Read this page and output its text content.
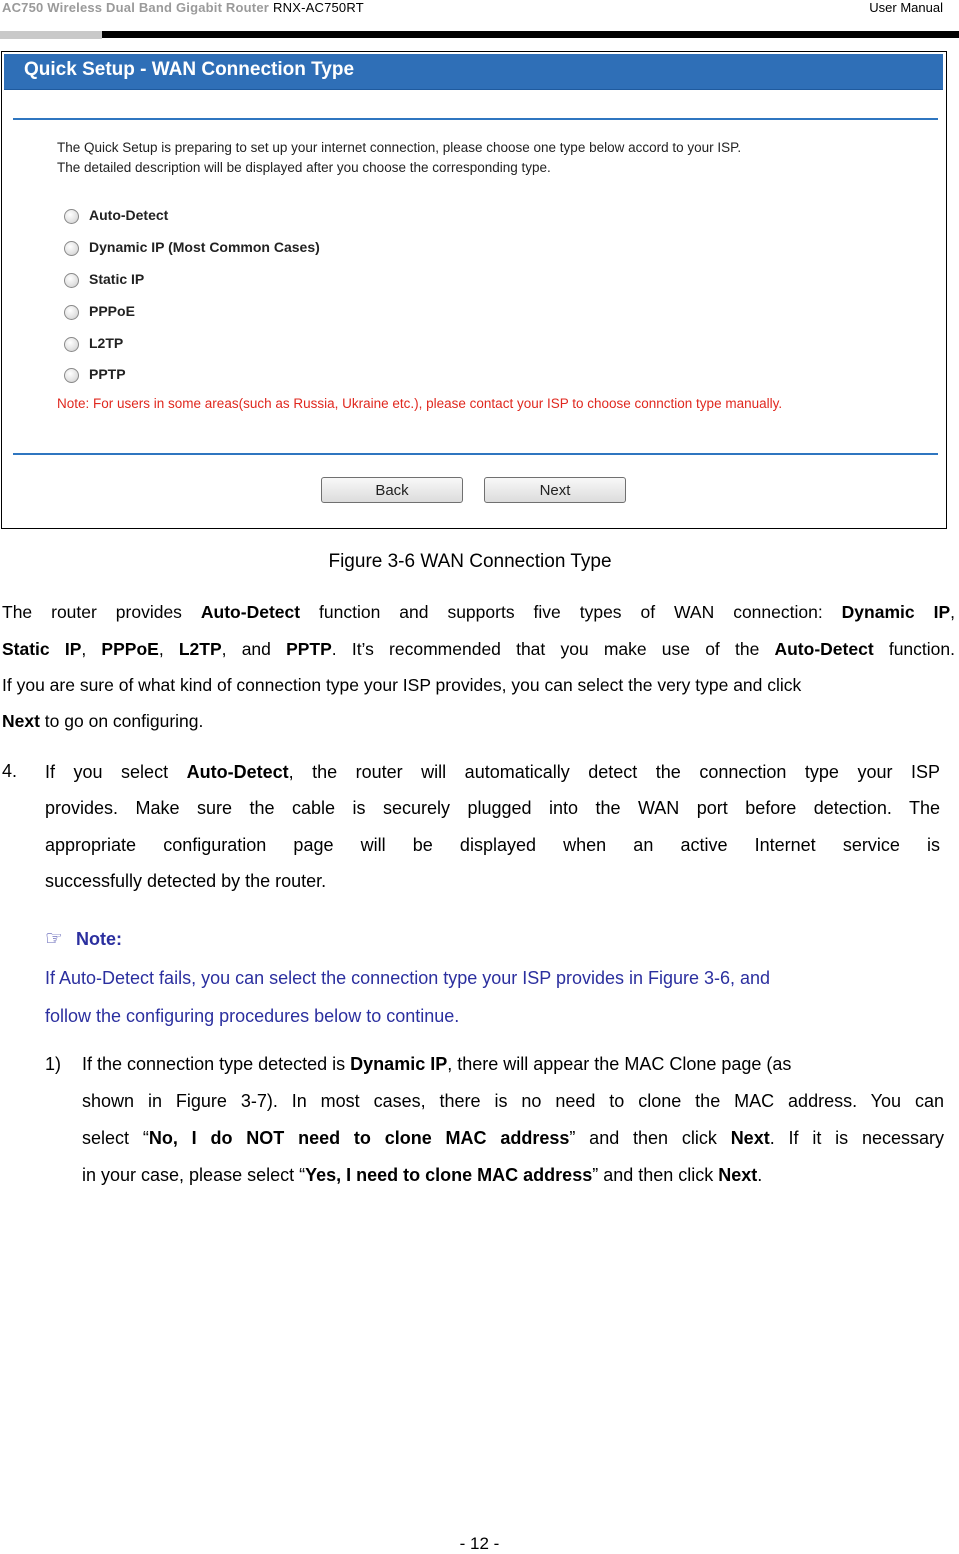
AC750 Wireless Dual Band Gigabit Router RNX-AC750RT	User Manual
Quick Setup - WAN Connection Type
The Quick Setup is preparing to set up your internet connection, please choose one type below accord to your ISP.
The detailed description will be displayed after you choose the corresponding type.
Auto-Detect
Dynamic IP (Most Common Cases)
Static IP
PPPoE
L2TP
PPTP
Note: For users in some areas(such as Russia, Ukraine etc.), please contact your ISP to choose connction type manually.
Back	Next
Figure 3-6 WAN Connection Type
The router provides Auto-Detect function and supports five types of WAN connection: Dynamic IP,
Static IP, PPPoE, L2TP, and PPTP. It’s recommended that you make use of the Auto-Detect function.
If you are sure of what kind of connection type your ISP provides, you can select the very type and click
Next to go on configuring.
4. If you select Auto-Detect, the router will automatically detect the connection type your ISP
provides. Make sure the cable is securely plugged into the WAN port before detection. The
appropriate configuration page will be displayed when an active Internet service is
successfully detected by the router.
☞ Note:
If Auto-Detect fails, you can select the connection type your ISP provides in Figure 3-6, and
follow the configuring procedures below to continue.
1) If the connection type detected is Dynamic IP, there will appear the MAC Clone page (as
shown in Figure 3-7). In most cases, there is no need to clone the MAC address. You can
select “No, I do NOT need to clone MAC address” and then click Next. If it is necessary
in your case, please select “Yes, I need to clone MAC address” and then click Next.
- 12 -
